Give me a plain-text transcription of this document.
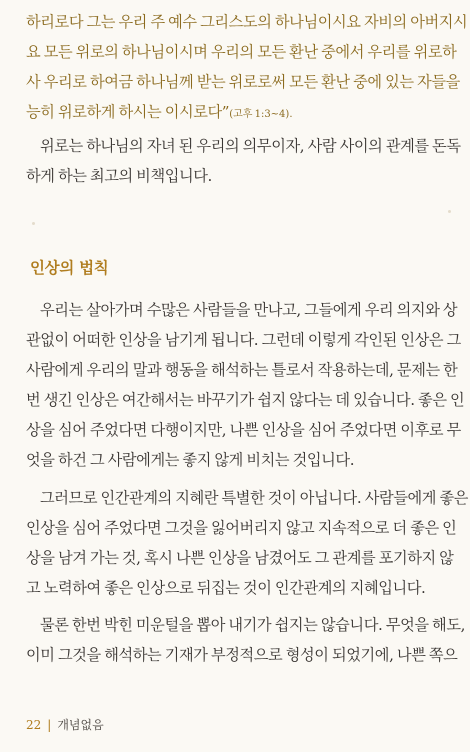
하리로다 그는 우리 주 예수 그리스도의 하나님이시요 자비의 아버지시
요 모든 위로의 하나님이시며 우리의 모든 환난 중에서 우리를 위로하
사 우리로 하여금 하나님께 받는 위로로써 모든 환난 중에 있는 자들을
능히 위로하게 하시는 이시로다”(고후 1:3~4).
위로는 하나님의 자녀 된 우리의 의무이자, 사람 사이의 관계를 돈독
하게 하는 최고의 비책입니다.
인상의 법칙
우리는 살아가며 수많은 사람들을 만나고, 그들에게 우리 의지와 상
관없이 어떠한 인상을 남기게 됩니다. 그런데 이렇게 각인된 인상은 그
사람에게 우리의 말과 행동을 해석하는 틀로서 작용하는데, 문제는 한
번 생긴 인상은 여간해서는 바꾸기가 쉽지 않다는 데 있습니다. 좋은 인
상을 심어 주었다면 다행이지만, 나쁜 인상을 심어 주었다면 이후로 무
엇을 하건 그 사람에게는 좋지 않게 비치는 것입니다.
그러므로 인간관계의 지혜란 특별한 것이 아닙니다. 사람들에게 좋은
인상을 심어 주었다면 그것을 잃어버리지 않고 지속적으로 더 좋은 인
상을 남겨 가는 것, 혹시 나쁜 인상을 남겼어도 그 관계를 포기하지 않
고 노력하여 좋은 인상으로 뒤집는 것이 인간관계의 지혜입니다.
물론 한번 박힌 미운털을 뽑아 내기가 쉽지는 않습니다. 무엇을 해도,
이미 그것을 해석하는 기재가 부정적으로 형성이 되었기에, 나쁜 쪽으
22 | 개념없음
